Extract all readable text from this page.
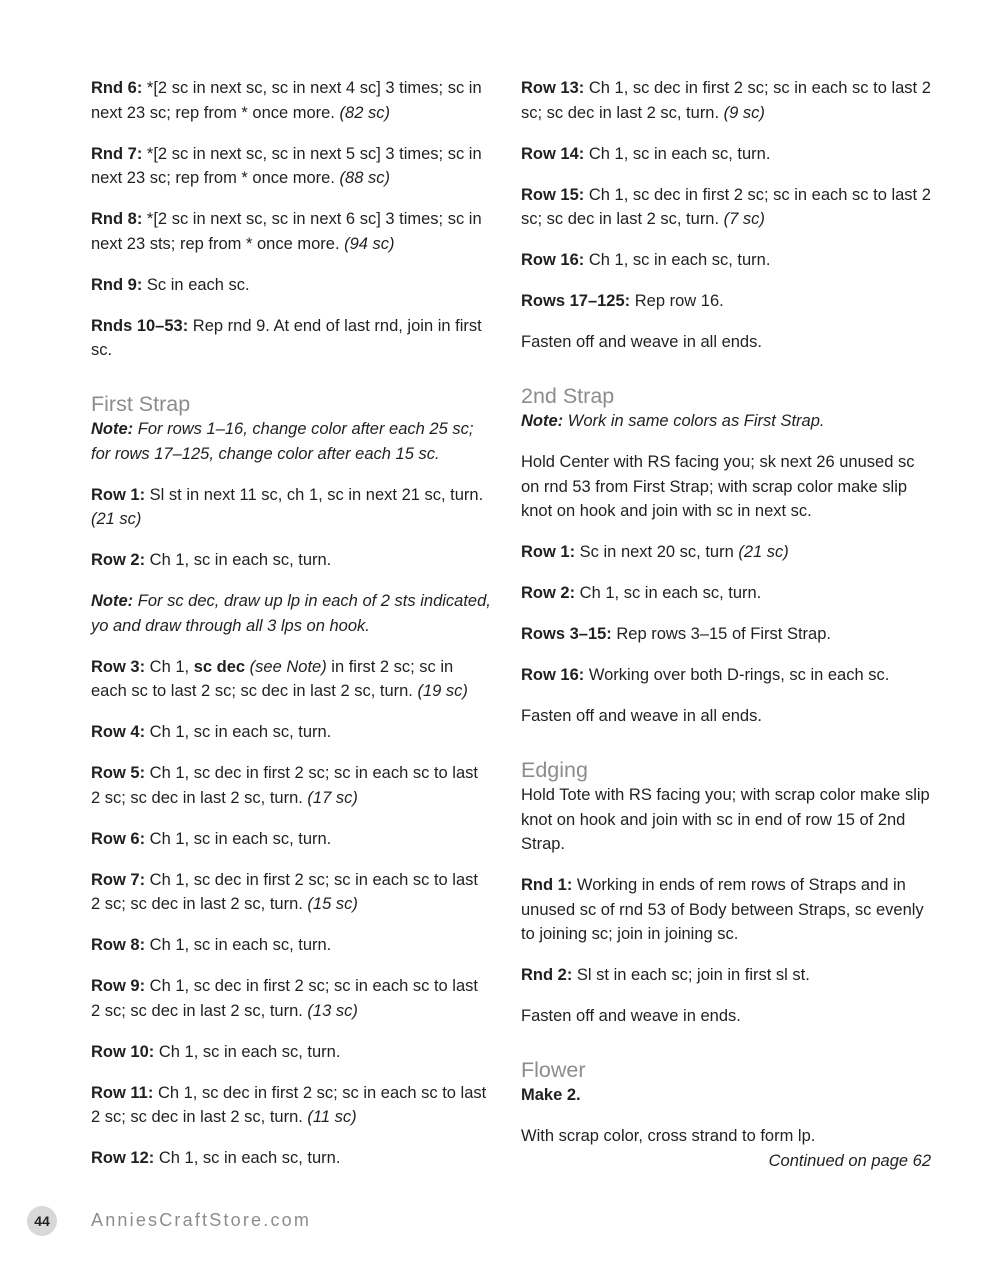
Rnd 6: *[2 sc in next sc, sc in next 4 sc] 3 times; sc in next 23 sc; rep from * once more. (82 sc)

Rnd 7: *[2 sc in next sc, sc in next 5 sc] 3 times; sc in next 23 sc; rep from * once more. (88 sc)

Rnd 8: *[2 sc in next sc, sc in next 6 sc] 3 times; sc in next 23 sts; rep from * once more. (94 sc)

Rnd 9: Sc in each sc.

Rnds 10–53: Rep rnd 9. At end of last rnd, join in first sc.

First Strap

Note: For rows 1–16, change color after each 25 sc; for rows 17–125, change color after each 15 sc.

Row 1: Sl st in next 11 sc, ch 1, sc in next 21 sc, turn. (21 sc)

Row 2: Ch 1, sc in each sc, turn.

Note: For sc dec, draw up lp in each of 2 sts indicated, yo and draw through all 3 lps on hook.

Row 3: Ch 1, sc dec (see Note) in first 2 sc; sc in each sc to last 2 sc; sc dec in last 2 sc, turn. (19 sc)

Row 4: Ch 1, sc in each sc, turn.

Row 5: Ch 1, sc dec in first 2 sc; sc in each sc to last 2 sc; sc dec in last 2 sc, turn. (17 sc)

Row 6: Ch 1, sc in each sc, turn.

Row 7: Ch 1, sc dec in first 2 sc; sc in each sc to last 2 sc; sc dec in last 2 sc, turn. (15 sc)

Row 8: Ch 1, sc in each sc, turn.

Row 9: Ch 1, sc dec in first 2 sc; sc in each sc to last 2 sc; sc dec in last 2 sc, turn. (13 sc)

Row 10: Ch 1, sc in each sc, turn.

Row 11: Ch 1, sc dec in first 2 sc; sc in each sc to last 2 sc; sc dec in last 2 sc, turn. (11 sc)

Row 12: Ch 1, sc in each sc, turn.

Row 13: Ch 1, sc dec in first 2 sc; sc in each sc to last 2 sc; sc dec in last 2 sc, turn. (9 sc)

Row 14: Ch 1, sc in each sc, turn.

Row 15: Ch 1, sc dec in first 2 sc; sc in each sc to last 2 sc; sc dec in last 2 sc, turn. (7 sc)

Row 16: Ch 1, sc in each sc, turn.

Rows 17–125: Rep row 16.

Fasten off and weave in all ends.

2nd Strap

Note: Work in same colors as First Strap.

Hold Center with RS facing you; sk next 26 unused sc on rnd 53 from First Strap; with scrap color make slip knot on hook and join with sc in next sc.

Row 1: Sc in next 20 sc, turn (21 sc)

Row 2: Ch 1, sc in each sc, turn.

Rows 3–15: Rep rows 3–15 of First Strap.

Row 16: Working over both D-rings, sc in each sc.

Fasten off and weave in all ends.

Edging

Hold Tote with RS facing you; with scrap color make slip knot on hook and join with sc in end of row 15 of 2nd Strap.

Rnd 1: Working in ends of rem rows of Straps and in unused sc of rnd 53 of Body between Straps, sc evenly to joining sc; join in joining sc.

Rnd 2: Sl st in each sc; join in first sl st.

Fasten off and weave in ends.

Flower

Make 2.

With scrap color, cross strand to form lp.

Continued on page 62

44	AnniesCraftStore.com
